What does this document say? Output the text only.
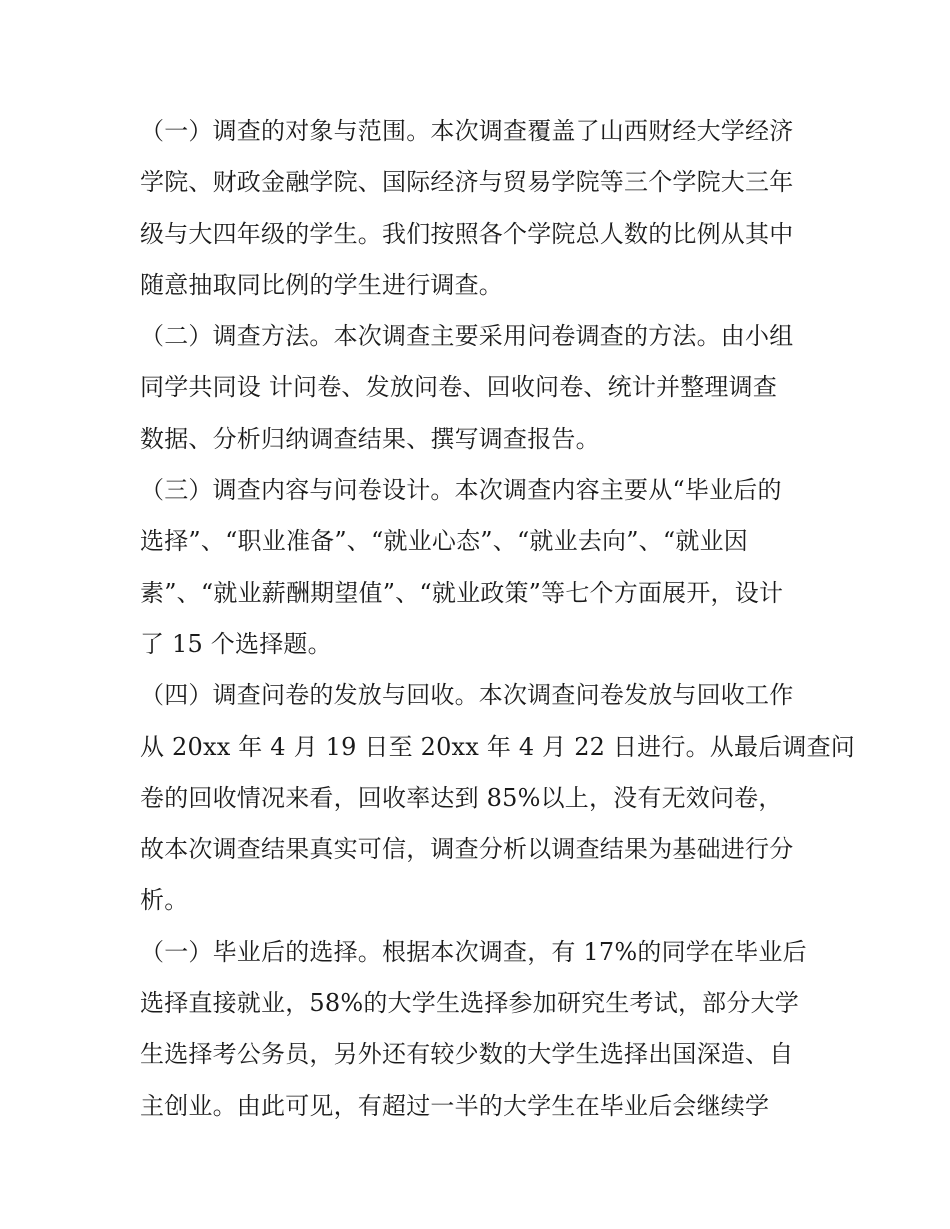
（一）调查的对象与范围。本次调查覆盖了山西财经大学经济
学院、财政金融学院、国际经济与贸易学院等三个学院大三年
级与大四年级的学生。我们按照各个学院总人数的比例从其中
随意抽取同比例的学生进行调查。
（二）调查方法。本次调查主要采用问卷调查的方法。由小组
同学共同设 计问卷、发放问卷、回收问卷、统计并整理调查
数据、分析归纳调查结果、撰写调查报告。
（三）调查内容与问卷设计。本次调查内容主要从“毕业后的
选择”、“职业准备”、“就业心态”、“就业去向”、“就业因
素”、“就业薪酬期望值”、“就业政策”等七个方面展开，设计
了 15 个选择题。
（四）调查问卷的发放与回收。本次调查问卷发放与回收工作
从 20xx 年 4 月 19 日至 20xx 年 4 月 22 日进行。从最后调查问
卷的回收情况来看，回收率达到 85%以上，没有无效问卷，
故本次调查结果真实可信，调查分析以调查结果为基础进行分
析。
（一）毕业后的选择。根据本次调查，有 17%的同学在毕业后
选择直接就业，58%的大学生选择参加研究生考试，部分大学
生选择考公务员，另外还有较少数的大学生选择出国深造、自
主创业。由此可见，有超过一半的大学生在毕业后会继续学
